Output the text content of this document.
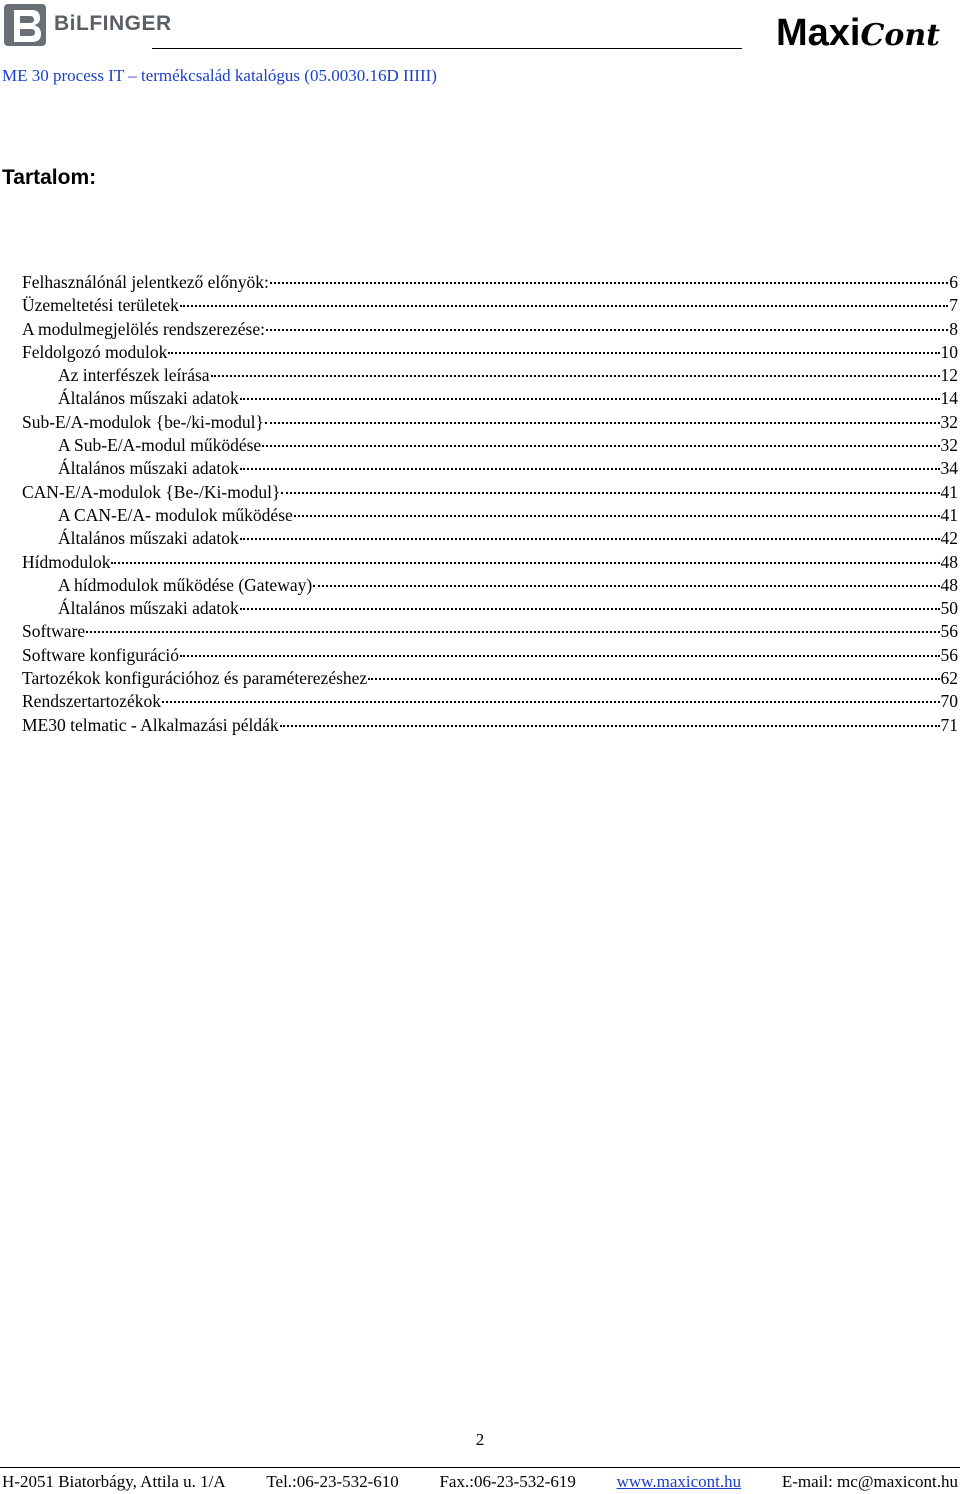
BiLFINGER	MaxiCont
ME 30 process IT – termékcsalád katalógus (05.0030.16D IIIII)
Tartalom:
Felhasználónál jelentkező előnyök:	6
Üzemeltetési területek	7
A modulmegjelölés rendszerezése:	8
Feldolgozó modulok	10
Az interfészek leírása	12
Általános műszaki adatok	14
Sub-E/A-modulok {be-/ki-modul}	32
A Sub-E/A-modul működése	32
Általános műszaki adatok	34
CAN-E/A-modulok {Be-/Ki-modul}	41
A CAN-E/A- modulok működése	41
Általános műszaki adatok	42
Hídmodulok	48
A hídmodulok működése (Gateway)	48
Általános műszaki adatok	50
Software	56
Software konfiguráció	56
Tartozékok konfigurációhoz és paraméterezéshez	62
Rendszertartozékok	70
ME30 telmatic - Alkalmazási példák	71
2
H-2051 Biatorbágy, Attila u. 1/A Tel.:06-23-532-610 Fax.:06-23-532-619 www.maxicont.hu E-mail: mc@maxicont.hu
